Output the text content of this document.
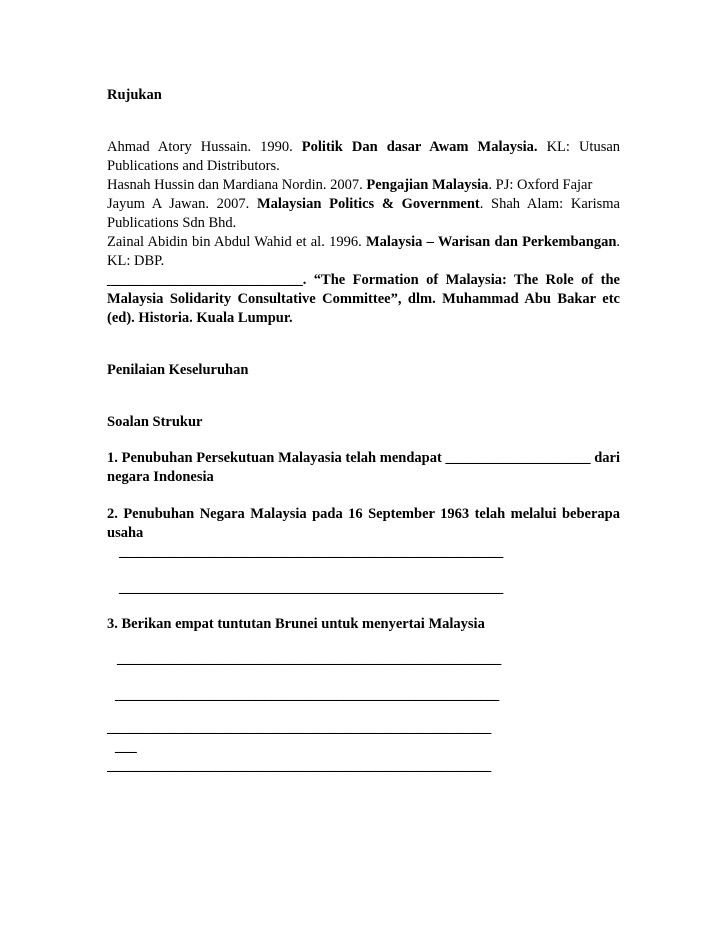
Rujukan

Ahmad Atory Hussain. 1990. Politik Dan dasar Awam Malaysia. KL: Utusan

Publications and Distributors.

Hasnah Hussin dan Mardiana Nordin. 2007. Pengajian Malaysia. PJ: Oxford Fajar

Jayum A Jawan. 2007. Malaysian Politics & Government. Shah Alam: Karisma

Publications Sdn Bhd.

Zainal Abidin bin Abdul Wahid et al. 1996. Malaysia – Warisan dan Perkembangan.

KL: DBP.

___________________________. “The Formation of Malaysia: The Role of the

Malaysia Solidarity Consultative Committee”, dlm. Muhammad Abu Bakar etc

(ed). Historia. Kuala Lumpur.

Penilaian Keseluruhan

Soalan Strukur

1. Penubuhan Persekutuan Malayasia telah mendapat ____________________ dari

negara Indonesia

2. Penubuhan Negara Malaysia pada 16 September 1963 telah melalui beberapa

usaha

_____________________________________________________

_____________________________________________________

3. Berikan empat tuntutan Brunei untuk menyertai Malaysia

_____________________________________________________

_____________________________________________________

_____________________________________________________

___

_____________________________________________________
